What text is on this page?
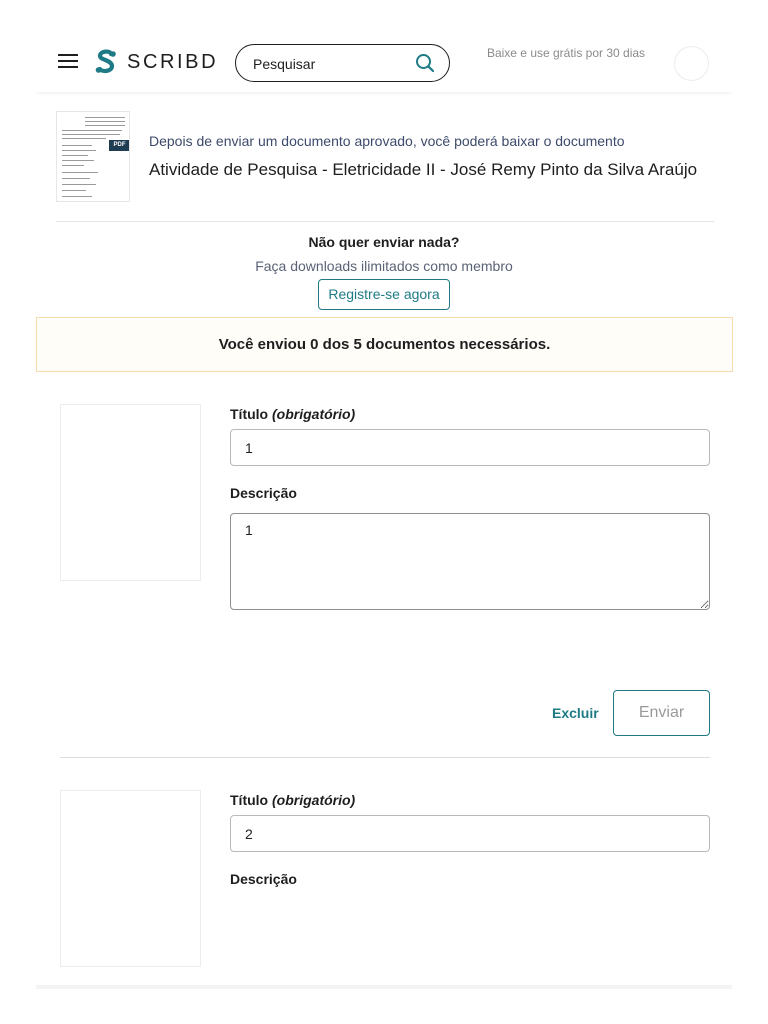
SCRIBD
Pesquisar	Baixe e use grátis por 30 dias
PDF	Depois de enviar um documento aprovado, você poderá baixar o documento
Atividade de Pesquisa - Eletricidade II - José Remy Pinto da Silva Araújo
Não quer enviar nada?
Faça downloads ilimitados como membro
Registre-se agora
Você enviou 0 dos 5 documentos necessários.
Título (obrigatório)
1
Descrição
1
Excluir	Enviar
Título (obrigatório)
2
Descrição
